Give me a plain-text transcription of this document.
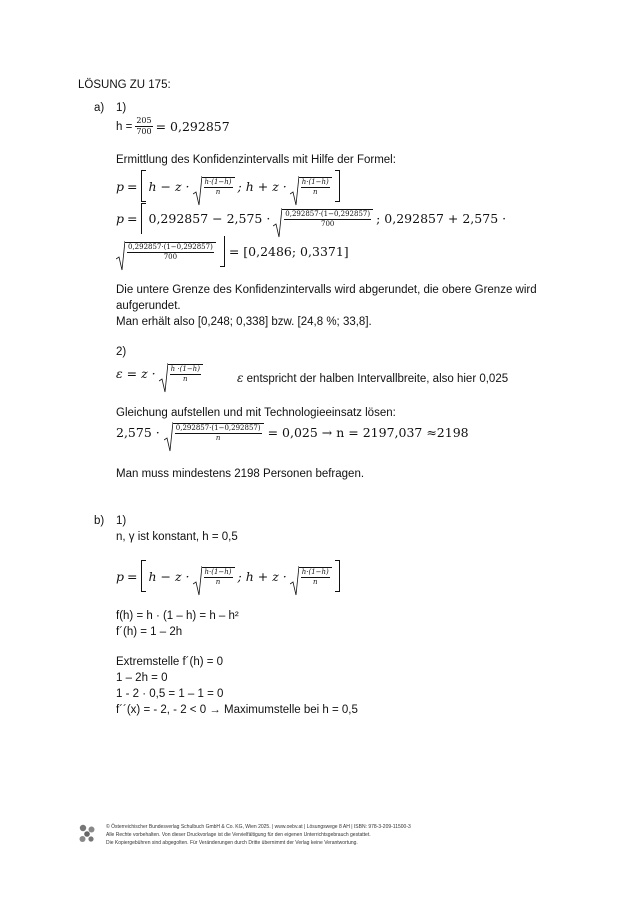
LÖSUNG ZU 175:
a) 1)
$h = \frac{205}{700} = 0,292857$
Ermittlung des Konfidenzintervalls mit Hilfe der Formel:
$p = h - z \cdot \frac{h\cdot(1-h)}{n}$ ; $h + z \cdot \frac{h\cdot(1-h)}{n}$
$p = 0,292857 - 2,575 \cdot \frac{0,292857\cdot(1-0,292857)}{700}$ ; 0,292857 + 2,575 ·
$\frac{0,292857\cdot(1-0,292857)}{700} = [0,2486$; 0,3371]
Die untere Grenze des Konfidenzintervalls wird abgerundet, die obere Grenze wird
aufgerundet.
Man erhält also [0,248; 0,338] bzw. [24,8 %; 33,8].
2)
$\varepsilon = z \cdot \frac{h \cdot(1-h)}{n}$	ε entspricht der halben Intervallbreite, also hier 0,025
Gleichung aufstellen und mit Technologieeinsatz lösen:
$2,575 \cdot \frac{0,292857\cdot(1-0,292857)}{n} = 0,025 \to n = 2197,037 \approx 2198$
Man muss mindestens 2198 Personen befragen.
b) 1)
n, γ ist konstant, h = 0,5
$p = h - z \cdot \frac{h\cdot(1-h)}{n}$ ; $h + z \cdot \frac{h\cdot(1-h)}{n}$
f(h) = h · (1 – h) = h – h²
f´(h) = 1 – 2h
Extremstelle f´(h) = 0
1 – 2h = 0
1 - 2 · 0,5 = 1 – 1 = 0
f´´(x) = - 2, - 2 < 0 → Maximumstelle bei h = 0,5
© Österreichischer Bundesverlag Schulbuch GmbH & Co. KG, Wien 2025. | www.oebv.at | Lösungswege 8 AH | ISBN: 978-3-209-11500-3
Alle Rechte vorbehalten. Von dieser Druckvorlage ist die Vervielfältigung für den eigenen Unterrichtsgebrauch gestattet.
Die Kopiergebühren sind abgegolten. Für Veränderungen durch Dritte übernimmt der Verlag keine Verantwortung.
